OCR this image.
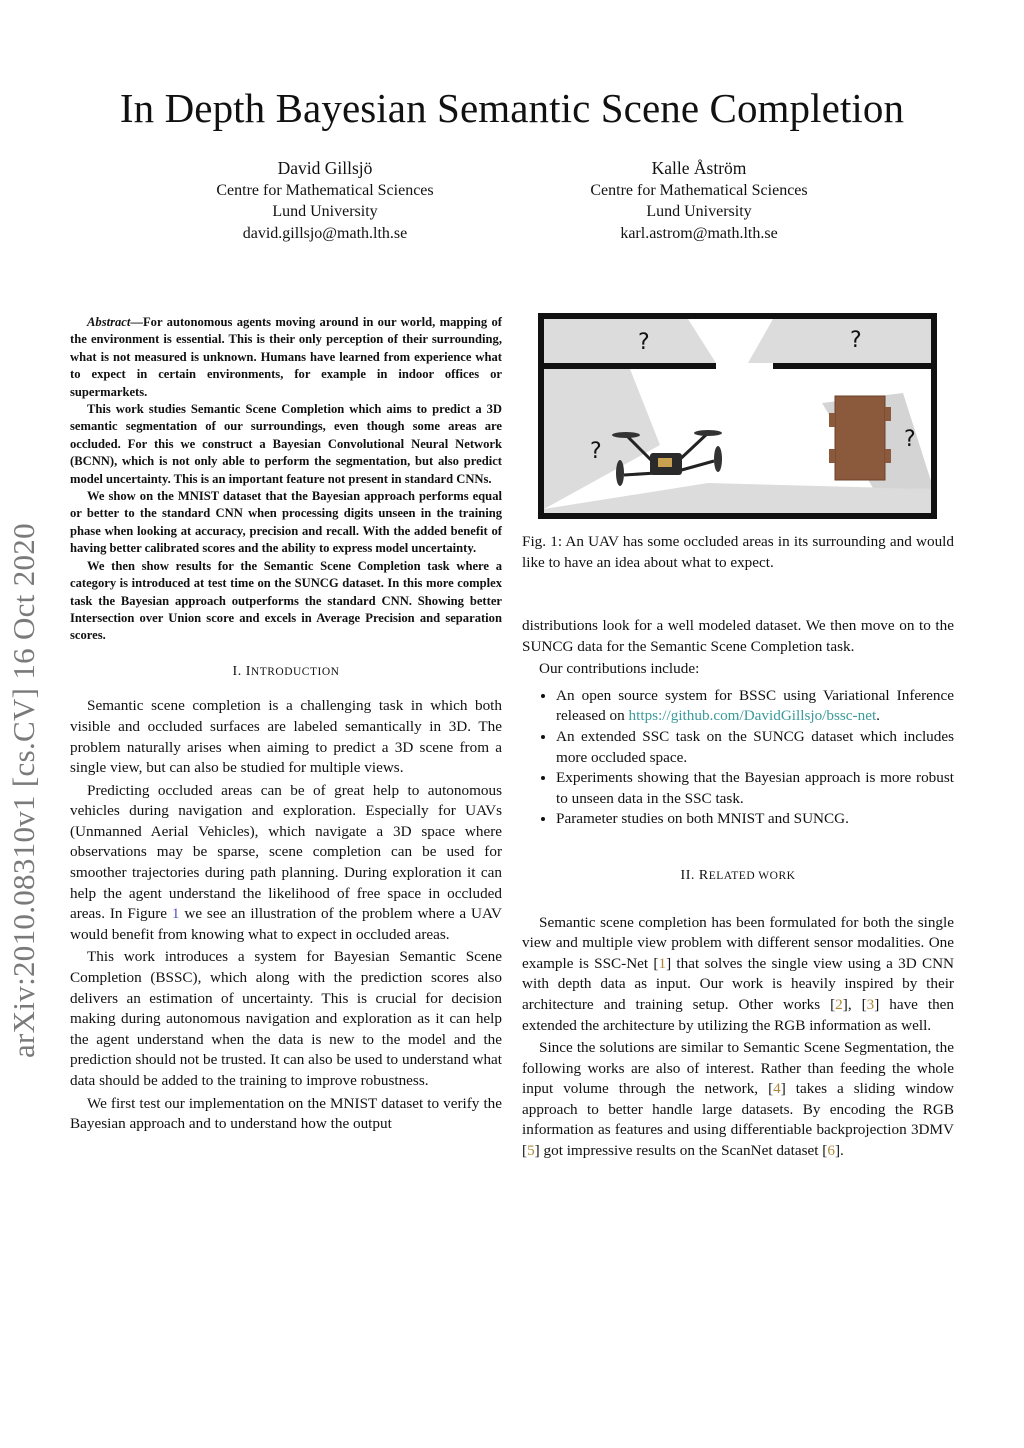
In Depth Bayesian Semantic Scene Completion
David Gillsjö
Centre for Mathematical Sciences
Lund University
david.gillsjo@math.lth.se
Kalle Åström
Centre for Mathematical Sciences
Lund University
karl.astrom@math.lth.se
arXiv:2010.08310v1 [cs.CV] 16 Oct 2020

Abstract—For autonomous agents moving around in our world, mapping of the environment is essential. This is their only perception of their surrounding, what is not measured is unknown. Humans have learned from experience what to expect in certain environments, for example in indoor offices or supermarkets.

This work studies Semantic Scene Completion which aims to predict a 3D semantic segmentation of our surroundings, even though some areas are occluded. For this we construct a Bayesian Convolutional Neural Network (BCNN), which is not only able to perform the segmentation, but also predict model uncertainty. This is an important feature not present in standard CNNs.

We show on the MNIST dataset that the Bayesian approach performs equal or better to the standard CNN when processing digits unseen in the training phase when looking at accuracy, precision and recall. With the added benefit of having better calibrated scores and the ability to express model uncertainty.

We then show results for the Semantic Scene Completion task where a category is introduced at test time on the SUNCG dataset. In this more complex task the Bayesian approach outperforms the standard CNN. Showing better Intersection over Union score and excels in Average Precision and separation scores.

I. INTRODUCTION

Semantic scene completion is a challenging task in which both visible and occluded surfaces are labeled semantically in 3D. The problem naturally arises when aiming to predict a 3D scene from a single view, but can also be studied for multiple views.

Predicting occluded areas can be of great help to autonomous vehicles during navigation and exploration. Especially for UAVs (Unmanned Aerial Vehicles), which navigate a 3D space where observations may be sparse, scene completion can be used for smoother trajectories during path planning. During exploration it can help the agent understand the likelihood of free space in occluded areas. In Figure 1 we see an illustration of the problem where a UAV would benefit from knowing what to expect in occluded areas.

This work introduces a system for Bayesian Semantic Scene Completion (BSSC), which along with the prediction scores also delivers an estimation of uncertainty. This is crucial for decision making during autonomous navigation and exploration as it can help the agent understand when the data is new to the model and the prediction should not be trusted. It can also be used to understand what data should be added to the training to improve robustness.

We first test our implementation on the MNIST dataset to verify the Bayesian approach and to understand how the output

?	?
?	?
Fig. 1: An UAV has some occluded areas in its surrounding and would like to have an idea about what to expect.

distributions look for a well modeled dataset. We then move on to the SUNCG data for the Semantic Scene Completion task.

Our contributions include:

• An open source system for BSSC using Variational Inference released on https://github.com/DavidGillsjo/bssc-net.
• An extended SSC task on the SUNCG dataset which includes more occluded space.
• Experiments showing that the Bayesian approach is more robust to unseen data in the SSC task.
• Parameter studies on both MNIST and SUNCG.
II. RELATED WORK

Semantic scene completion has been formulated for both the single view and multiple view problem with different sensor modalities. One example is SSC-Net [1] that solves the single view using a 3D CNN with depth data as input. Our work is heavily inspired by their architecture and training setup. Other works [2], [3] have then extended the architecture by utilizing the RGB information as well.

Since the solutions are similar to Semantic Scene Segmentation, the following works are also of interest. Rather than feeding the whole input volume through the network, [4] takes a sliding window approach to better handle large datasets. By encoding the RGB information as features and using differentiable backprojection 3DMV [5] got impressive results on the ScanNet dataset [6].
